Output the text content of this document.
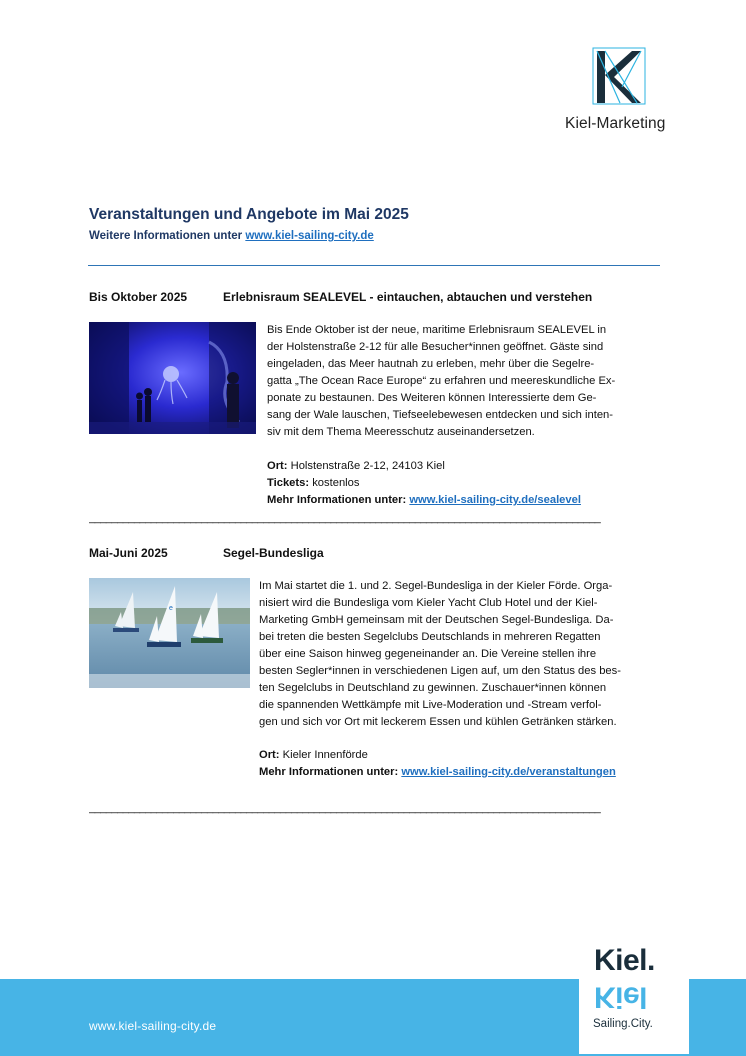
Kiel-Marketing
Veranstaltungen und Angebote im Mai 2025
Weitere Informationen unter www.kiel-sailing-city.de
Bis Oktober 2025	Erlebnisraum SEALEVEL - eintauchen, abtauchen und verstehen
Bis Ende Oktober ist der neue, maritime Erlebnisraum SEALEVEL in
der Holstenstraße 2-12 für alle Besucher*innen geöffnet. Gäste sind
eingeladen, das Meer hautnah zu erleben, mehr über die Segelre-
gatta „The Ocean Race Europe“ zu erfahren und meereskundliche Ex-
ponate zu bestaunen. Des Weiteren können Interessierte dem Ge-
sang der Wale lauschen, Tiefseelebewesen entdecken und sich inten-
siv mit dem Thema Meeresschutz auseinandersetzen.
Ort: Holstenstraße 2-12, 24103 Kiel
Tickets: kostenlos
Mehr Informationen unter: www.kiel-sailing-city.de/sealevel
___________________________________________________________________________________________
Mai-Juni 2025	Segel-Bundesliga
e
Im Mai startet die 1. und 2. Segel-Bundesliga in der Kieler Förde. Orga-
nisiert wird die Bundesliga vom Kieler Yacht Club Hotel und der Kiel-
Marketing GmbH gemeinsam mit der Deutschen Segel-Bundesliga. Da-
bei treten die besten Segelclubs Deutschlands in mehreren Regatten
über eine Saison hinweg gegeneinander an. Die Vereine stellen ihre
besten Segler*innen in verschiedenen Ligen auf, um den Status des bes-
ten Segelclubs in Deutschland zu gewinnen. Zuschauer*innen können
die spannenden Wettkämpfe mit Live-Moderation und -Stream verfol-
gen und sich vor Ort mit leckerem Essen und kühlen Getränken stärken.
Ort: Kieler Innenförde
Mehr Informationen unter: www.kiel-sailing-city.de/veranstaltungen
___________________________________________________________________________________________
www.kiel-sailing-city.de
Kiel.
Kiel
Sailing.City.
